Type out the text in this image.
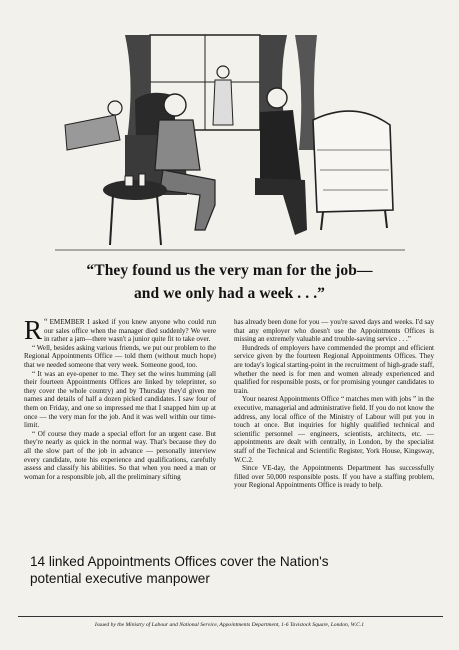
“They found us the very man for the job—
and we only had a week . . .”

“
R EMEMBER I asked if you knew anyone who could run our sales office when the manager died suddenly? We were in rather a jam—there wasn't a junior quite fit to take over.

“ Well, besides asking various friends, we put our problem to the Regional Appointments Office — told them (without much hope) that we needed someone that very week. Someone good, too.

“ It was an eye-opener to me. They set the wires humming (all their fourteen Appointments Offices are linked by teleprinter, so they cover the whole country) and by Thursday they'd given me names and details of half a dozen picked candidates. I saw four of them on Friday, and one so impressed me that I snapped him up at once — the very man for the job. And it was well within our time-limit.

“ Of course they made a special effort for an urgent case. But they're nearly as quick in the normal way. That's because they do all the slow part of the job in advance — personally interview every candidate, note his experience and qualifications, carefully assess and classify his abilities. So that when you need a man or woman for a responsible job, all the preliminary sifting

has already been done for you — you're saved days and weeks. I'd say that any employer who doesn't use the Appointments Offices is missing an extremely valuable and trouble-saving service . . .”

Hundreds of employers have commended the prompt and efficient service given by the fourteen Regional Appointments Offices. They are today's logical starting-point in the recruitment of high-grade staff, whether the need is for men and women already experienced and qualified for responsible posts, or for promising younger candidates to train.

Your nearest Appointments Office “ matches men with jobs ” in the executive, managerial and administrative field. If you do not know the address, any local office of the Ministry of Labour will put you in touch at once. But inquiries for highly qualified technical and scientific personnel — engineers, scientists, architects, etc. — appointments are dealt with centrally, in London, by the specialist staff of the Technical and Scientific Register, York House, Kingsway, W.C.2.

Since VE-day, the Appointments Department has successfully filled over 50,000 responsible posts. If you have a staffing problem, your Regional Appointments Office is ready to help.

14 linked Appointments Offices cover the Nation's
potential executive manpower
Issued by the Ministry of Labour and National Service, Appointments Department, 1-6 Tavistock Square, London, W.C.1
